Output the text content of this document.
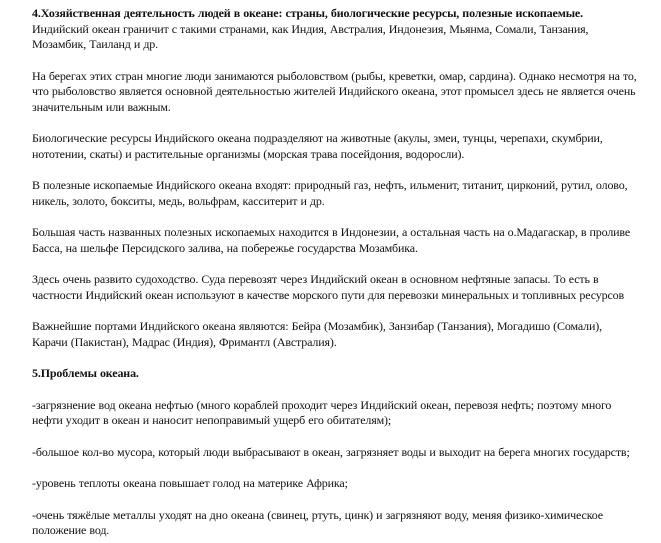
4.Хозяйственная деятельность людей в океане: страны, биологические ресурсы, полезные ископаемые.
Индийский океан граничит с такими странами, как Индия, Австралия, Индонезия, Мьянма, Сомали, Танзания,
Мозамбик, Таиланд и др.

На берегах этих стран многие люди занимаются рыболовством (рыбы, креветки, омар, сардина). Однако несмотря на то,
что рыболовство является основной деятельностью жителей Индийского океана, этот промысел здесь не является очень
значительным или важным.

Биологические ресурсы Индийского океана подразделяют на животные (акулы, змеи, тунцы, черепахи, скумбрии,
нототении, скаты) и растительные организмы (морская трава посейдония, водоросли).

В полезные ископаемые Индийского океана входят: природный газ, нефть, ильменит, титанит, цирконий, рутил, олово,
никель, золото, бокситы, медь, вольфрам, касситерит и др.

Большая часть названных полезных ископаемых находится в Индонезии, а остальная часть на о.Мадагаскар, в проливе
Басса, на шельфе Персидского залива, на побережье государства Мозамбика.

Здесь очень развито судоходство. Суда перевозят через Индийский океан в основном нефтяные запасы. То есть в
частности Индийский океан используют в качестве морского пути для перевозки минеральных и топливных ресурсов

Важнейшие портами Индийского океана являются: Бейра (Мозамбик), Занзибар (Танзания), Могадишо (Сомали),
Карачи (Пакистан), Мадрас (Индия), Фримантл (Австралия).

5.Проблемы океана.

-загрязнение вод океана нефтью (много кораблей проходит через Индийский океан, перевозя нефть; поэтому много
нефти уходит в океан и наносит непоправимый ущерб его обитателям);

-большое кол-во мусора, который люди выбрасывают в океан, загрязняет воды и выходит на берега многих государств;

-уровень теплоты океана повышает голод на материке Африка;

-очень тяжёлые металлы уходят на дно океана (свинец, ртуть, цинк) и загрязняют воду, меняя физико-химическое
положение вод.
